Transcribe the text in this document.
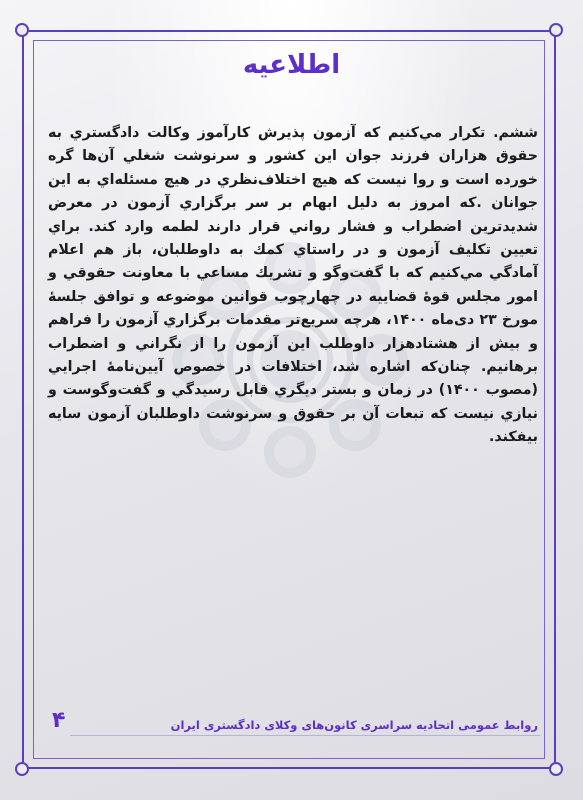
اطلاعیه

ششم. تكرار مي‌كنيم كه آزمون پذيرش كارآموز وكالت دادگستري به حقوق هزاران فرزند جوان اين كشور و سرنوشت شغلي آن‌ها گره خورده است و روا نيست كه هيچ اختلاف‌نظري در هيچ مسئله‌اي به اين جوانان .كه امروز به دليل ابهام بر سر برگزاري آزمون در معرض شديدترين اضطراب و فشار رواني قرار دارند لطمه وارد كند. براي تعيين تكليف آزمون و در راستاي كمك به داوطلبان، باز هم اعلام آمادگي مي‌كنيم كه با گفت‌وگو و تشريك مساعي با معاونت حقوقي و امور مجلس قوهٔ قضاييه در چهارچوب قوانين موضوعه و توافق جلسهٔ مورخ ۲۳ دی‌ماه ۱۴۰۰، هرچه سريع‌تر مقدمات برگزاري آزمون را فراهم و بيش از هشتادهزار داوطلب اين آزمون را از نگراني و اضطراب برهانيم. چنان‌كه اشاره شد، اختلافات در خصوص آيين‌نامهٔ اجرايي (مصوب ۱۴۰۰) در زمان و بستر ديگري قابل رسيدگي و گفت‌وگوست و نيازي نيست كه تبعات آن بر حقوق و سرنوشت داوطلبان آزمون سايه بيفكند.

روابط عمومی اتحادیه سراسری کانون‌های وکلای دادگستری ایران

۴
